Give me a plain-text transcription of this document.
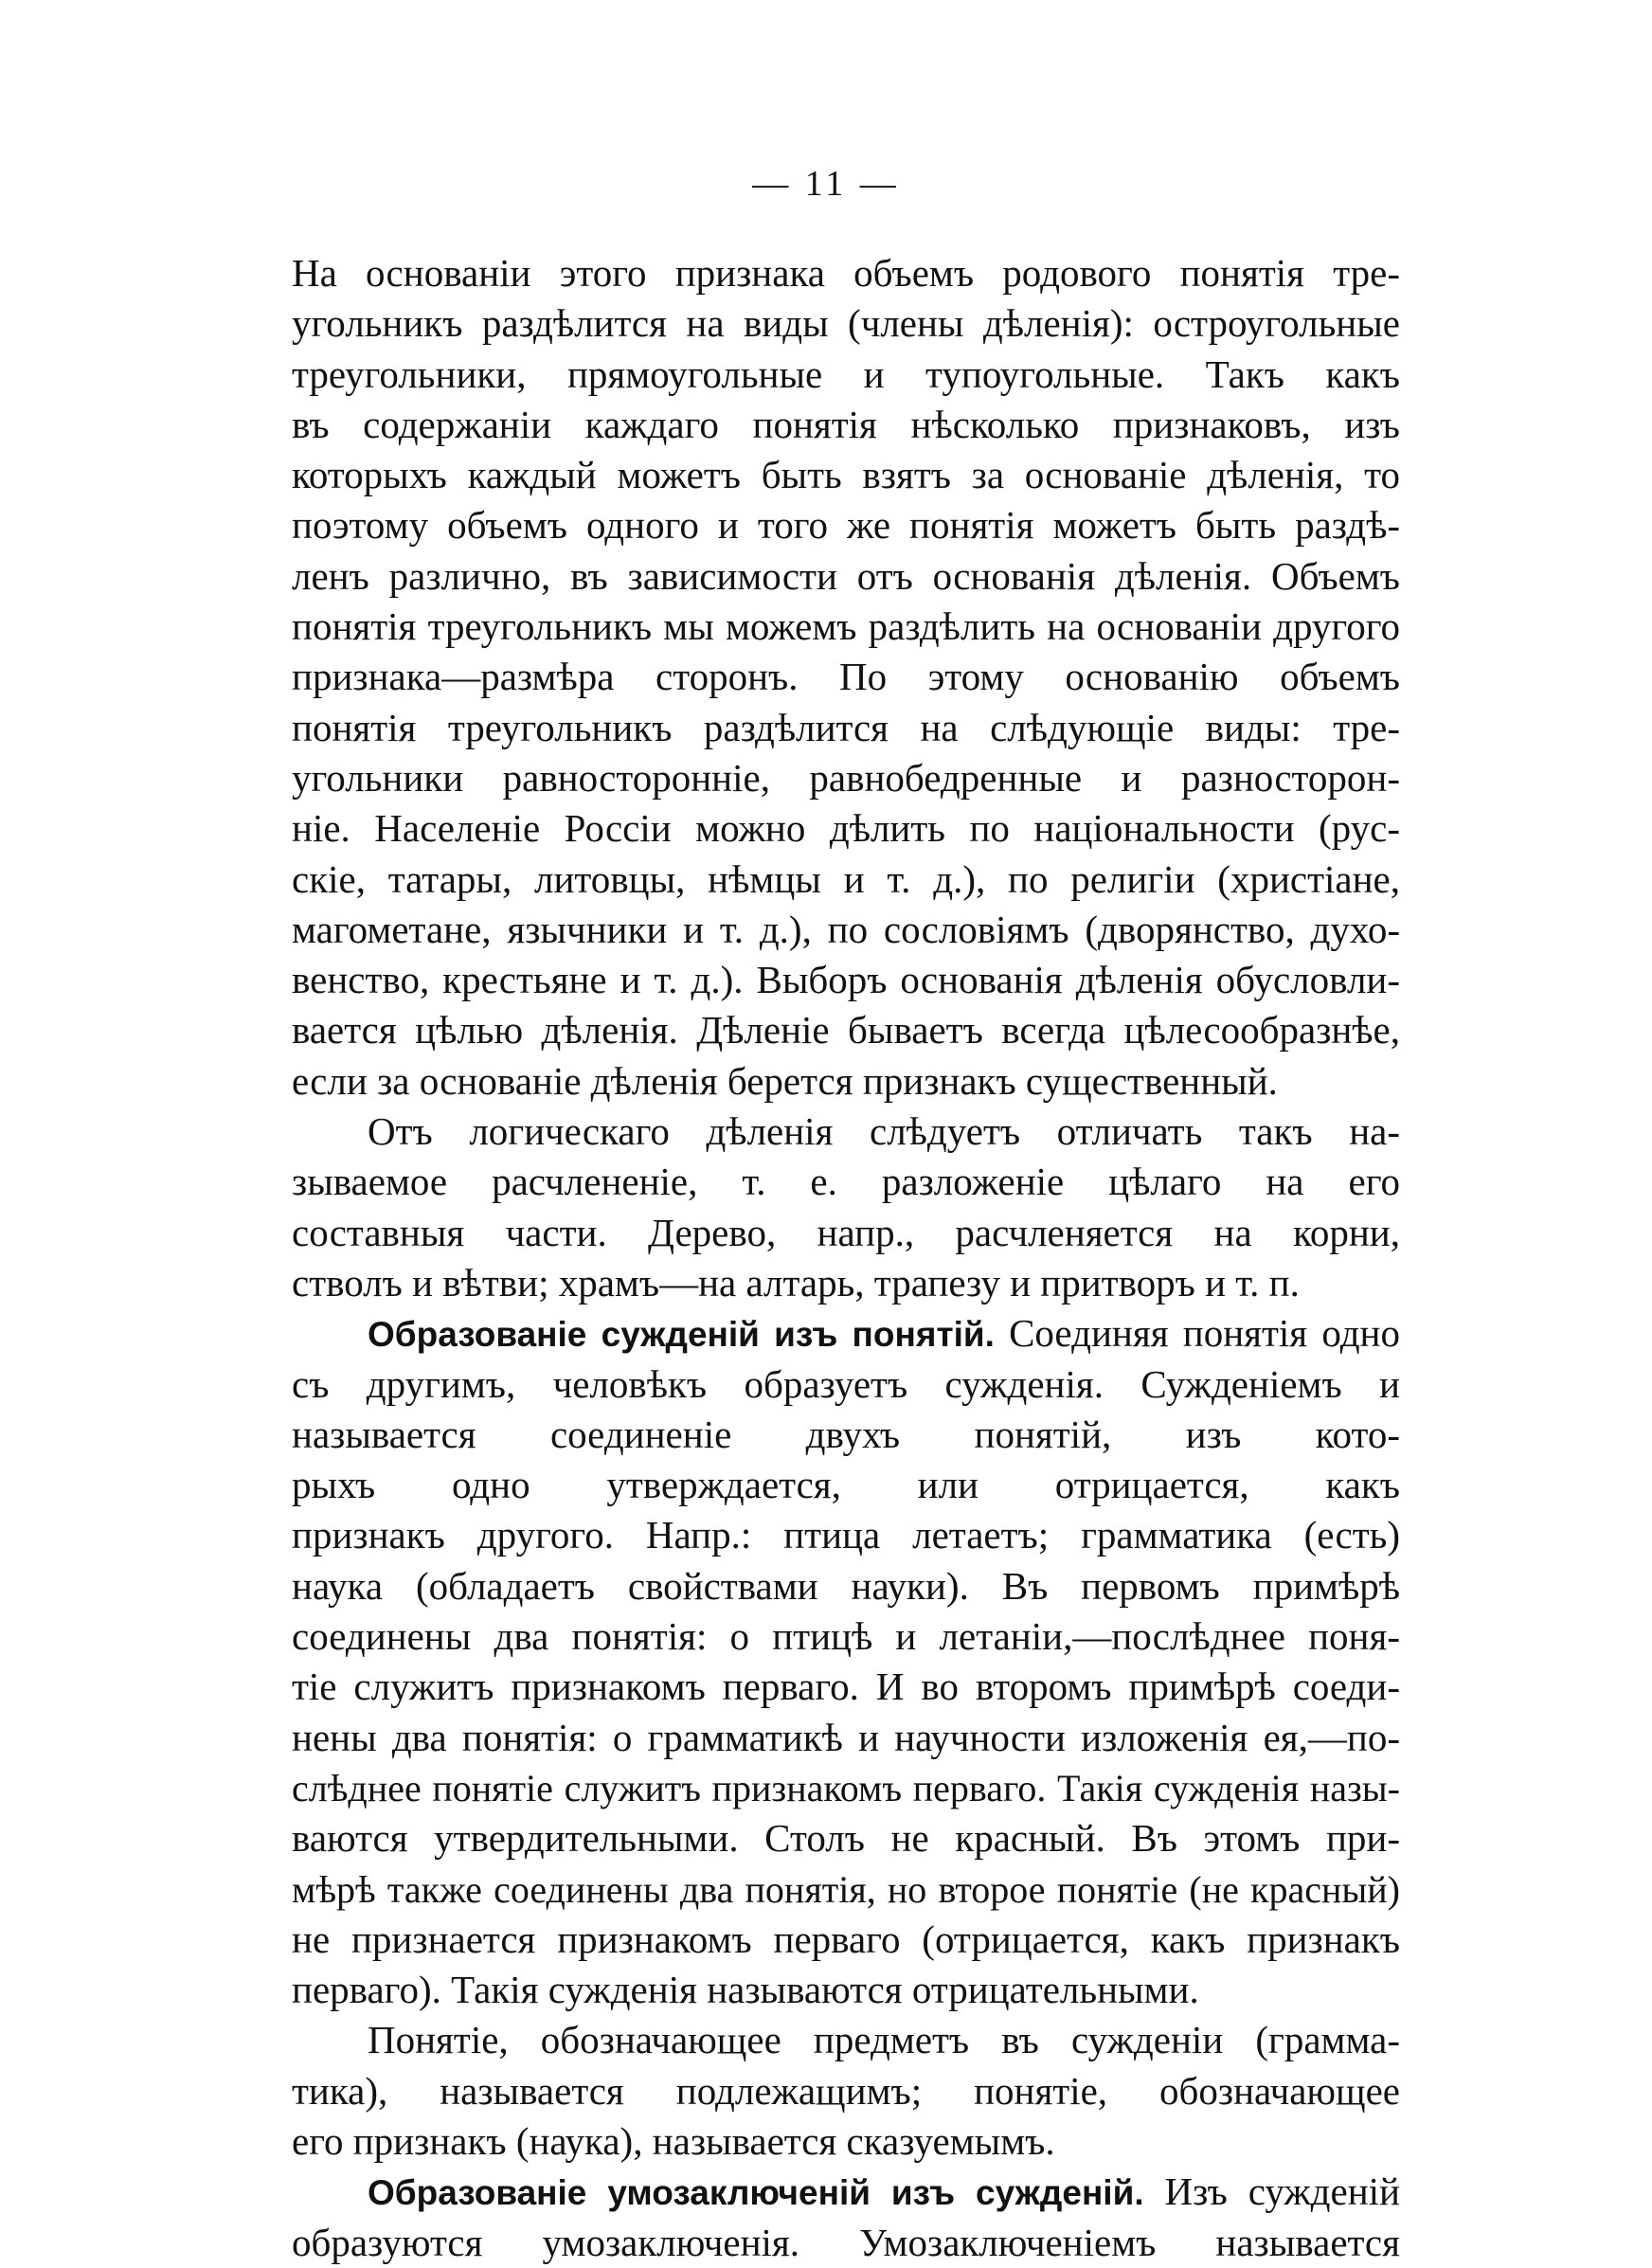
— 11 —
На основанiи этого признака объемъ родового понятiя тре-
угольникъ раздѣлится на виды (члены дѣленiя): остроугольные
треугольники, прямоугольные и тупоугольные. Такъ какъ
въ содержанiи каждаго понятiя нѣсколько признаковъ, изъ
которыхъ каждый можетъ быть взятъ за основанiе дѣленiя, то
поэтому объемъ одного и того же понятiя можетъ быть раздѣ-
ленъ различно, въ зависимости отъ основанiя дѣленiя. Объемъ
понятiя треугольникъ мы можемъ раздѣлить на основанiи другого
признака—размѣра сторонъ. По этому основанiю объемъ
понятiя треугольникъ раздѣлится на слѣдующiе виды: тре-
угольники равностороннiе, равнобедренные и разносторон-
нiе. Населенiе Россiи можно дѣлить по нацiональности (рус-
скiе, татары, литовцы, нѣмцы и т. д.), по религiи (христiане,
магометане, язычники и т. д.), по сословiямъ (дворянство, духо-
венство, крестьяне и т. д.). Выборъ основанiя дѣленiя обусловли-
вается цѣлью дѣленiя. Дѣленiе бываетъ всегда цѣлесообразнѣе,
если за основанiе дѣленiя берется признакъ существенный.
Отъ логическаго дѣленiя слѣдуетъ отличать такъ на-
зываемое расчлененiе, т. е. разложенiе цѣлаго на его
составныя части. Дерево, напр., расчленяется на корни,
стволъ и вѣтви; храмъ—на алтарь, трапезу и притворъ и т. п.
Образованiе сужденiй изъ понятiй. Соединяя понятiя одно
съ другимъ, человѣкъ образуетъ сужденiя. Сужденiемъ и
называется соединенiе двухъ понятiй, изъ кото-
рыхъ одно утверждается, или отрицается, какъ
признакъ другого. Напр.: птица летаетъ; грамматика (есть)
наука (обладаетъ свойствами науки). Въ первомъ примѣрѣ
соединены два понятiя: о птицѣ и летанiи,—послѣднее поня-
тiе служитъ признакомъ перваго. И во второмъ примѣрѣ соеди-
нены два понятiя: о грамматикѣ и научности изложенiя ея,—по-
слѣднее понятiе служитъ признакомъ перваго. Такiя сужденiя назы-
ваются утвердительными. Столъ не красный. Въ этомъ при-
мѣрѣ также соединены два понятiя, но второе понятiе (не красный)
не признается признакомъ перваго (отрицается, какъ признакъ
перваго). Такiя сужденiя называются отрицательными.
Понятiе, обозначающее предметъ въ сужденiи (грамма-
тика), называется подлежащимъ; понятiе, обозначающее
его признакъ (наука), называется сказуемымъ.
Образованiе умозаключенiй изъ сужденiй. Изъ сужденiй
образуются умозаключенiя. Умозаключенiемъ называется
